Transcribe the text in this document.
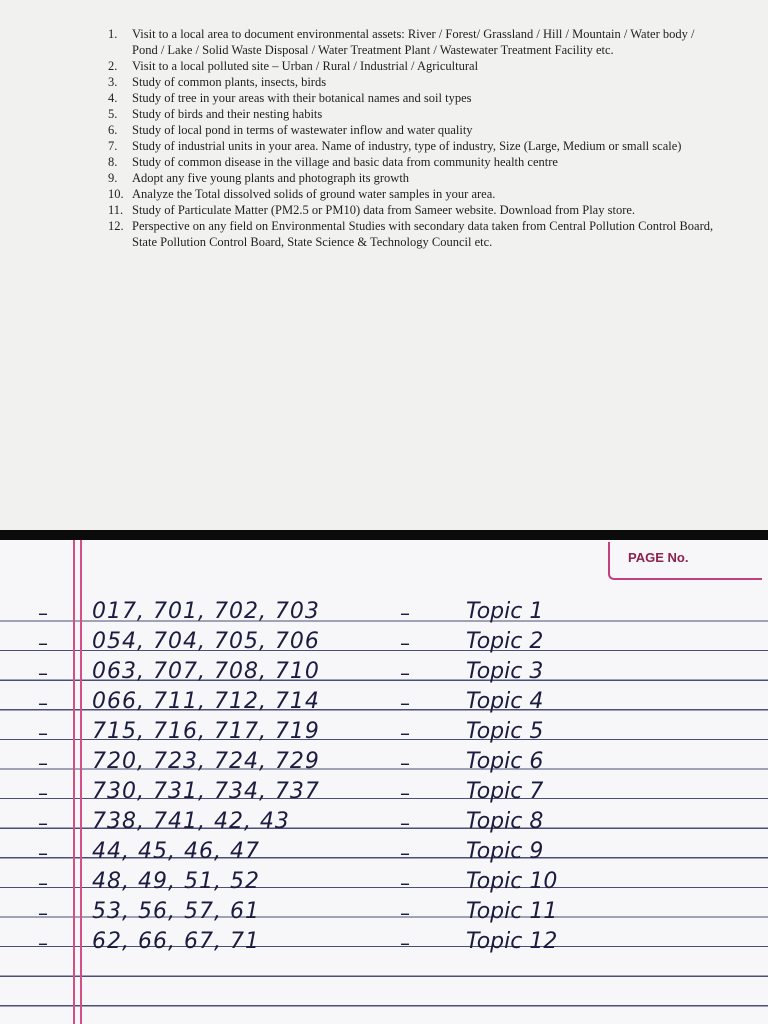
1.	Visit to a local area to document environmental assets: River / Forest/ Grassland / Hill / Mountain / Water body / Pond / Lake / Solid Waste Disposal / Water Treatment Plant / Wastewater Treatment Facility etc.
2.	Visit to a local polluted site – Urban / Rural / Industrial / Agricultural
3.	Study of common plants, insects, birds
4.	Study of tree in your areas with their botanical names and soil types
5.	Study of birds and their nesting habits
6.	Study of local pond in terms of wastewater inflow and water quality
7.	Study of industrial units in your area. Name of industry, type of industry, Size (Large, Medium or small scale)
8.	Study of common disease in the village and basic data from community health centre
9.	Adopt any five young plants and photograph its growth
10. Analyze the Total dissolved solids of ground water samples in your area.
11. Study of Particulate Matter (PM2.5 or PM10) data from Sameer website. Download from Play store.
12. Perspective on any field on Environmental Studies with secondary data taken from Central Pollution Control Board, State Pollution Control Board, State Science & Technology Council etc.
PAGE No.
– 017, 701, 702, 703	–	Topic 1
– 054, 704, 705, 706	–	Topic 2
– 063, 707, 708, 710	–	Topic 3
– 066, 711, 712, 714	–	Topic 4
– 715, 716, 717, 719	–	Topic 5
– 720, 723, 724, 729	–	Topic 6
– 730, 731, 734, 737	–	Topic 7
– 738, 741, 42, 43	–	Topic 8
– 44, 45, 46, 47	–	Topic 9
– 48, 49, 51, 52	–	Topic 10
– 53, 56, 57, 61	–	Topic 11
– 62, 66, 67, 71	–	Topic 12
